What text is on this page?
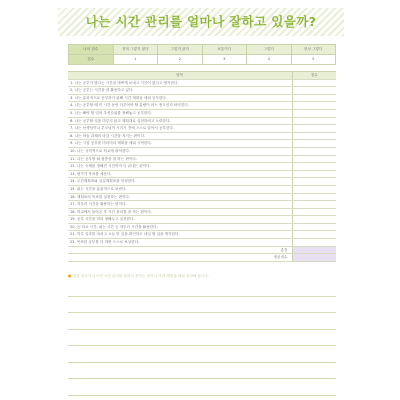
나는 시간 관리를 얼마나 잘하고 있을까?
나의 점수	전혀 그렇지 않다	그렇지 않다	보통이다	그렇다	항상 그렇다
점수	1	2	3	4	5
항목	점수
1. 나는 공부가 많다는 시간을 바쁘게 보내고 시간이 없다고 생각한다.	
2. 나는 공부는 시간을 잘 활용하고 있다.	
3. 나는 효과적으로 공부하기 위해 시간 계획을 세워 공부한다.	
4. 나는 공부할 때 이 시간 동안 다루어야 할 분량이 어느 정도인지 파악한다.	
5. 나는 해야 할 일의 우선순위를 정해놓고 공부한다.	
6. 나는 공부할 일을 미루지 않고 계획대로 실천하려고 노력한다.	
7. 나는 선생님이나 부모님이 시키기 전에 스스로 알아서 공부한다.	
8. 나는 학습 과제의 마감 시간을 지키는 편이다.	
9. 나는 시험 공부를 미리미리 계획을 세워 시작한다.	
10. 나는 규칙적으로 학교에 출석한다.	
11. 나는 공부할 때 집중을 잘 하는 편이다.	
12. 나는 숙제를 정해진 시간까지 다 끝내는 편이다.	
13. 평가가 목표를 세운다.	
14. 주간계획표와 일일계획표를 작성한다.	
15. 쉬는 시간을 효율적으로 보낸다.	
16. 계획표의 목표를 실천하는 편이다.	
17. 자투리 시간을 활용하는 편이다.	
18. 학교에서 돌아온 후 시간 관리를 잘 하는 편이다.	
19. 공부 시간을 미리 정해두고 실천한다.	
20. 등·하교 시간, 쉬는 시간 등 자투리 시간을 활용한다.	
21. 하루 일과를 마치고 오늘 한 일을 확인하고 내일 할 일을 생각한다.	
22. 목표한 공부를 다 하면 스스로 보상한다.	
총점	
평균점수	
● 점검 점수가 낮으면 시간 관리를 잘하지 못하는 것이니 시간 계획을 세워 실천해 봅니다.
